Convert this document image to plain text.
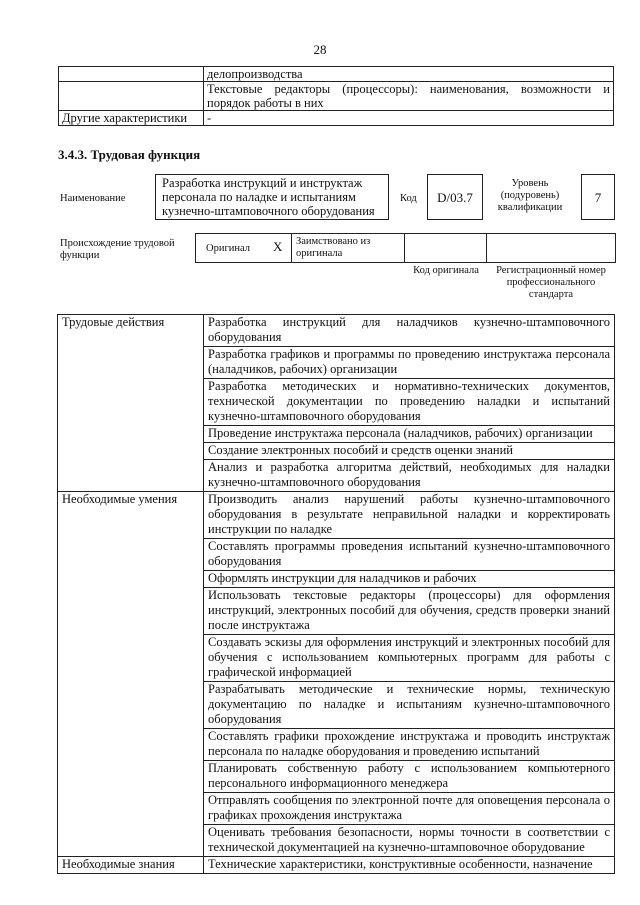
28
	делопроизводства
	Текстовые редакторы (процессоры): наименования, возможности и порядок работы в них
Другие характеристики	-
3.4.3. Трудовая функция
Наименование
Разработка инструкций и инструктаж персонала по наладке и испытаниям кузнечно-штамповочного оборудования
Код	D/03.7
Уровень (подуровень) квалификации
7
Происхождение трудовой функции
Оригинал X	Заимствовано из оригинала
Код оригинала	Регистрационный номер профессионального стандарта
Трудовые действия	Разработка инструкций для наладчиков кузнечно-штамповочного оборудования
	Разработка графиков и программы по проведению инструктажа персонала (наладчиков, рабочих) организации
	Разработка методических и нормативно-технических документов, технической документации по проведению наладки и испытаний кузнечно-штамповочного оборудования
	Проведение инструктажа персонала (наладчиков, рабочих) организации
	Создание электронных пособий и средств оценки знаний
	Анализ и разработка алгоритма действий, необходимых для наладки кузнечно-штамповочного оборудования
Необходимые умения	Производить анализ нарушений работы кузнечно-штамповочного оборудования в результате неправильной наладки и корректировать инструкции по наладке
	Составлять программы проведения испытаний кузнечно-штамповочного оборудования
	Оформлять инструкции для наладчиков и рабочих
	Использовать текстовые редакторы (процессоры) для оформления инструкций, электронных пособий для обучения, средств проверки знаний после инструктажа
	Создавать эскизы для оформления инструкций и электронных пособий для обучения с использованием компьютерных программ для работы с графической информацией
	Разрабатывать методические и технические нормы, техническую документацию по наладке и испытаниям кузнечно-штамповочного оборудования
	Составлять графики прохождение инструктажа и проводить инструктаж персонала по наладке оборудования и проведению испытаний
	Планировать собственную работу с использованием компьютерного персонального информационного менеджера
	Отправлять сообщения по электронной почте для оповещения персонала о графиках прохождения инструктажа
	Оценивать требования безопасности, нормы точности в соответствии с технической документацией на кузнечно-штамповочное оборудование
Необходимые знания	Технические характеристики, конструктивные особенности, назначение
